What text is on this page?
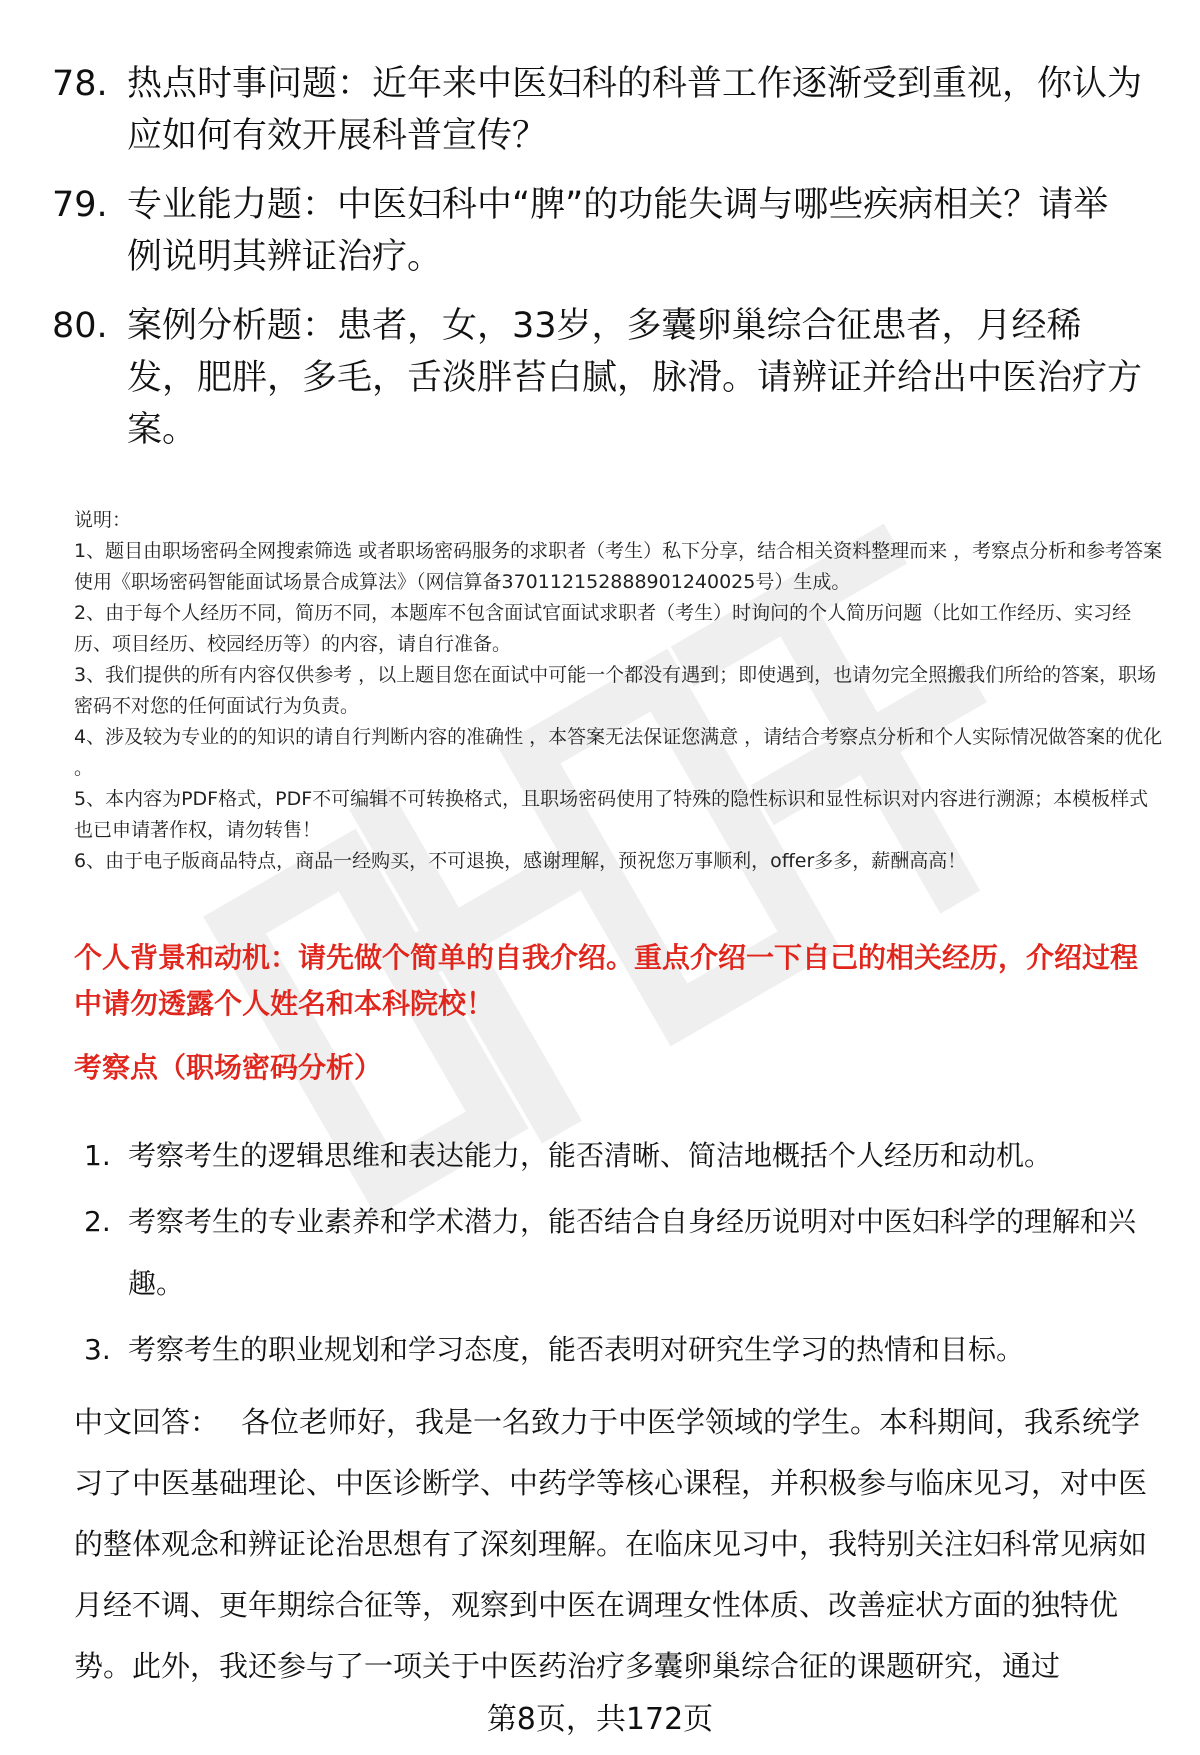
78. 热点时事问题：近年来中医妇科的科普工作逐渐受到重视，你认为应如何有效开展科普宣传？
79. 专业能力题：中医妇科中“脾”的功能失调与哪些疾病相关？请举例说明其辨证治疗。
80. 案例分析题：患者，女，33岁，多囊卵巢综合征患者，月经稀发，肥胖，多毛，舌淡胖苔白腻，脉滑。请辨证并给出中医治疗方案。

说明：

1、题目由职场密码全网搜索筛选 或者职场密码服务的求职者（考生）私下分享，结合相关资料整理而来 ，考察点分析和参考答案使用《职场密码智能面试场景合成算法》（网信算备370112152888901240025号）生成。

2、由于每个人经历不同，简历不同，本题库不包含面试官面试求职者（考生）时询问的个人简历问题（比如工作经历、实习经历、项目经历、校园经历等）的内容，请自行准备。

3、我们提供的所有内容仅供参考 ，以上题目您在面试中可能一个都没有遇到；即使遇到，也请勿完全照搬我们所给的答案，职场密码不对您的任何面试行为负责。

4、涉及较为专业的的知识的请自行判断内容的准确性 ，本答案无法保证您满意 ，请结合考察点分析和个人实际情况做答案的优化 。

5、本内容为PDF格式，PDF不可编辑不可转换格式，且职场密码使用了特殊的隐性标识和显性标识对内容进行溯源；本模板样式也已申请著作权，请勿转售！

6、由于电子版商品特点，商品一经购买，不可退换，感谢理解，预祝您万事顺利，offer多多，薪酬高高！

个人背景和动机：请先做个简单的自我介绍。重点介绍一下自己的相关经历，介绍过程中请勿透露个人姓名和本科院校！
考察点（职场密码分析）
1. 考察考生的逻辑思维和表达能力，能否清晰、简洁地概括个人经历和动机。
2. 考察考生的专业素养和学术潜力，能否结合自身经历说明对中医妇科学的理解和兴趣。
3. 考察考生的职业规划和学习态度，能否表明对研究生学习的热情和目标。
中文回答： 各位老师好，我是一名致力于中医学领域的学生。本科期间，我系统学习了中医基础理论、中医诊断学、中药学等核心课程，并积极参与临床见习，对中医的整体观念和辨证论治思想有了深刻理解。在临床见习中，我特别关注妇科常见病如月经不调、更年期综合征等，观察到中医在调理女性体质、改善症状方面的独特优势。此外，我还参与了一项关于中医药治疗多囊卵巢综合征的课题研究，通过
第8页，共172页
